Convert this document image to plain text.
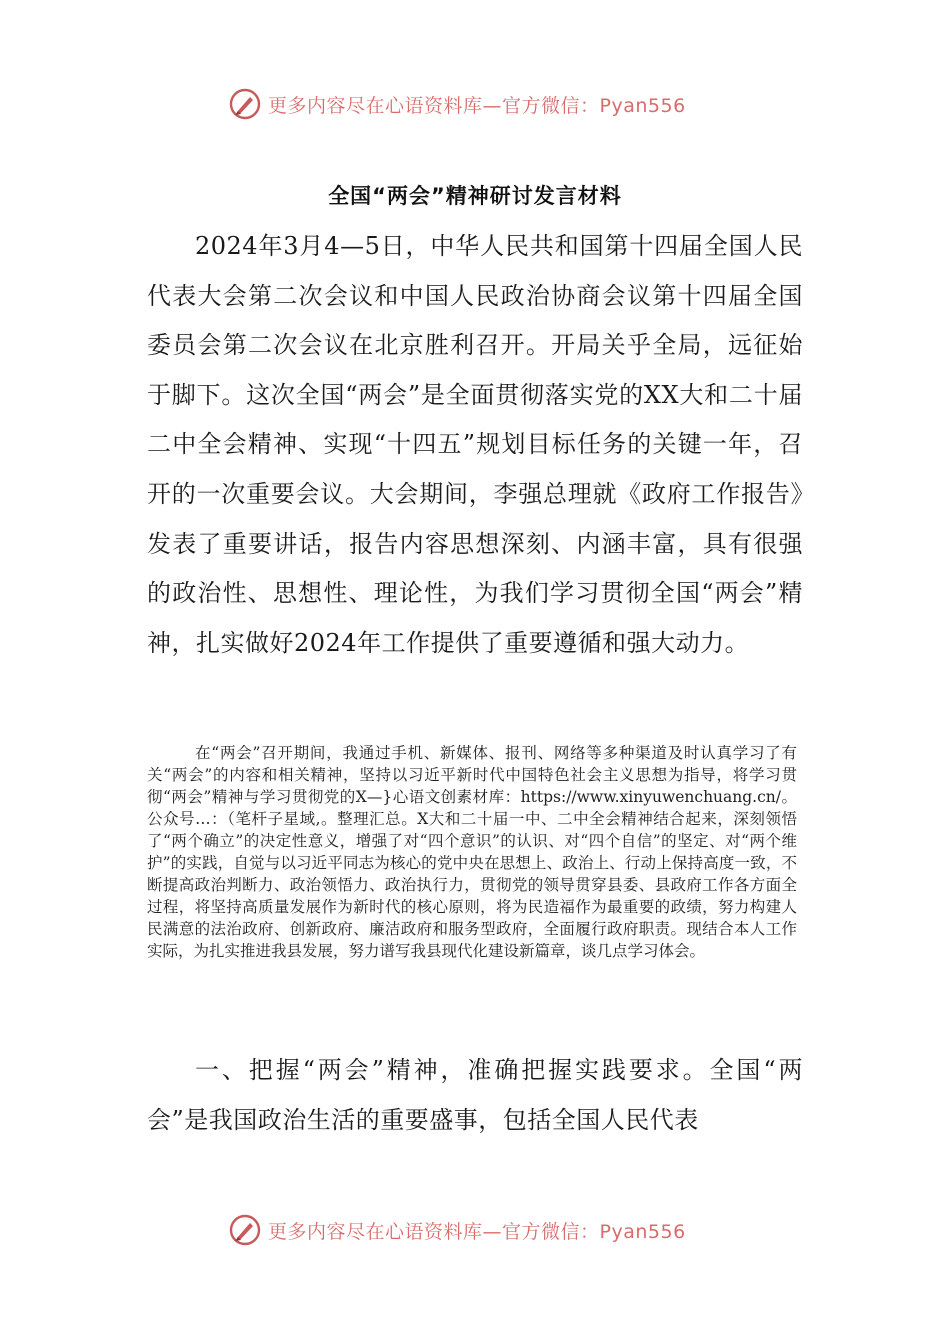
更多内容尽在心语资料库—官方微信：Pyan556
全国“两会”精神研讨发言材料

2024年3月4—5日，中华人民共和国第十四届全国人民代表大会第二次会议和中国人民政治协商会议第十四届全国委员会第二次会议在北京胜利召开。开局关乎全局，远征始于脚下。这次全国“两会”是全面贯彻落实党的XX大和二十届二中全会精神、实现“十四五”规划目标任务的关键一年，召开的一次重要会议。大会期间，李强总理就《政府工作报告》发表了重要讲话，报告内容思想深刻、内涵丰富，具有很强的政治性、思想性、理论性，为我们学习贯彻全国“两会”精神，扎实做好2024年工作提供了重要遵循和强大动力。

在“两会”召开期间，我通过手机、新媒体、报刊、网络等多种渠道及时认真学习了有关“两会”的内容和相关精神，坚持以习近平新时代中国特色社会主义思想为指导，将学习贯彻“两会”精神与学习贯彻党的X—}心语文创素材库：https://www.xinyuwenchuang.cn/。公众号…：（笔杆子星域,。整理汇总。X大和二十届一中、二中全会精神结合起来，深刻领悟了“两个确立”的决定性意义，增强了对“四个意识”的认识、对“四个自信”的坚定、对“两个维护”的实践，自觉与以习近平同志为核心的党中央在思想上、政治上、行动上保持高度一致，不断提高政治判断力、政治领悟力、政治执行力，贯彻党的领导贯穿县委、县政府工作各方面全过程，将坚持高质量发展作为新时代的核心原则，将为民造福作为最重要的政绩，努力构建人民满意的法治政府、创新政府、廉洁政府和服务型政府，全面履行政府职责。现结合本人工作实际，为扎实推进我县发展，努力谱写我县现代化建设新篇章，谈几点学习体会。

一、把握“两会”精神，准确把握实践要求。全国“两会”是我国政治生活的重要盛事，包括全国人民代表

更多内容尽在心语资料库—官方微信：Pyan556
